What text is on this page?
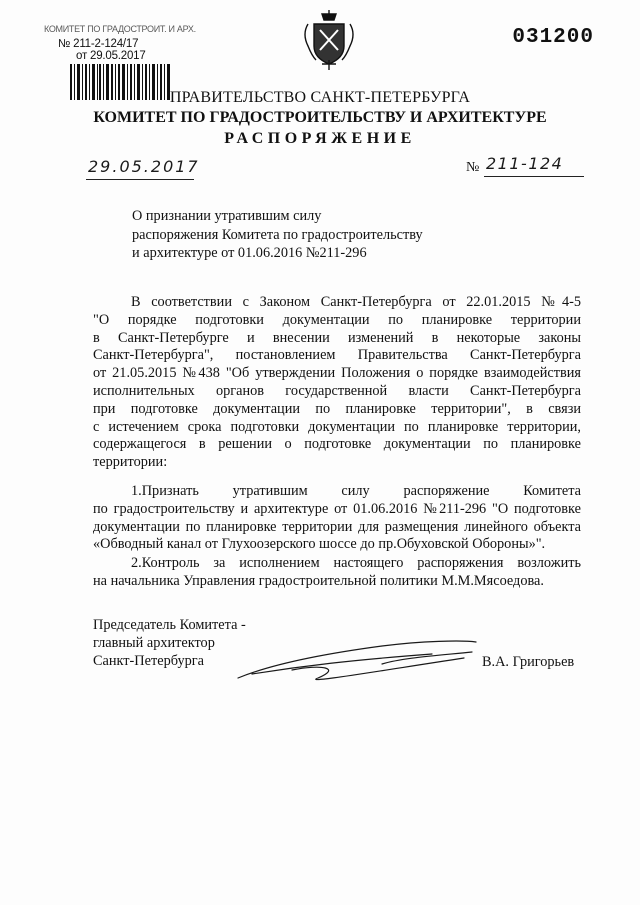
КОМИТЕТ ПО ГРАДОСТРОИТ. И АРХ.
№ 211-2-124/17
от 29.05.2017
031200
ПРАВИТЕЛЬСТВО САНКТ-ПЕТЕРБУРГА
КОМИТЕТ ПО ГРАДОСТРОИТЕЛЬСТВУ И АРХИТЕКТУРЕ
РАСПОРЯЖЕНИЕ
29.05.2017	№ 211-124
О признании утратившим силу
распоряжения Комитета по градостроительству
и архитектуре от 01.06.2016 №211-296
В соответствии с Законом Санкт-Петербурга от 22.01.2015 №4-5
"О порядке подготовки документации по планировке территории
в Санкт-Петербурге и внесении изменений в некоторые законы
Санкт-Петербурга", постановлением Правительства Санкт-Петербурга
от 21.05.2015 №438 "Об утверждении Положения о порядке взаимодействия
исполнительных органов государственной власти Санкт-Петербурга
при подготовке документации по планировке территории", в связи
с истечением срока подготовки документации по планировке территории,
содержащегося в решении о подготовке документации по планировке
территории:
1.Признать утратившим силу распоряжение Комитета
по градостроительству и архитектуре от 01.06.2016 №211-296 "О подготовке
документации по планировке территории для размещения линейного объекта
«Обводный канал от Глухоозерского шоссе до пр.Обуховской Обороны»".
2.Контроль за исполнением настоящего распоряжения возложить
на начальника Управления градостроительной политики М.М.Мясоедова.
Председатель Комитета -
главный архитектор
Санкт-Петербурга	В.А. Григорьев
